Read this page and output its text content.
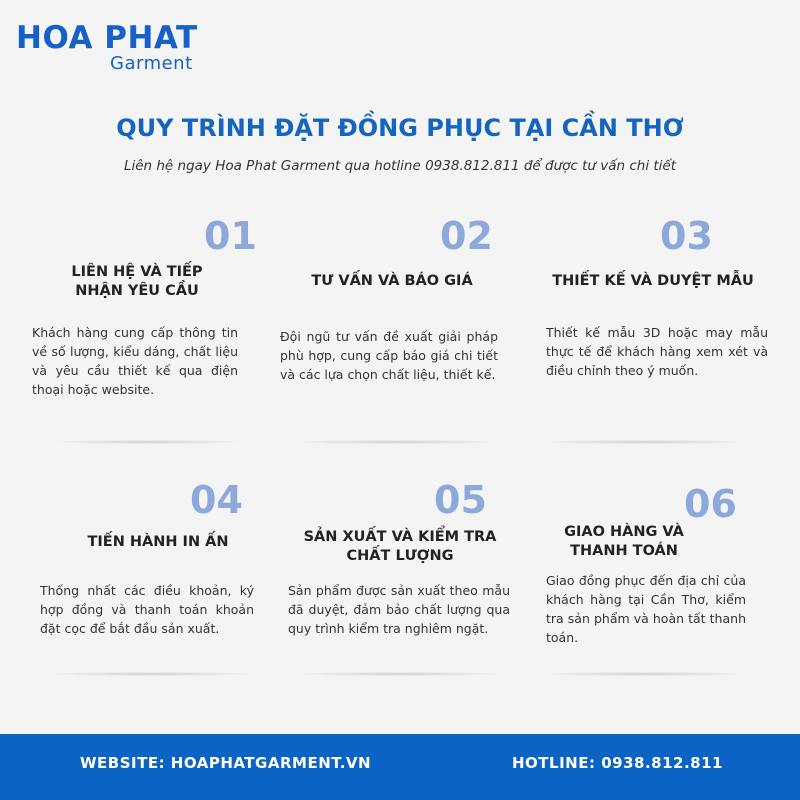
HOA PHAT
Garment
QUY TRÌNH ĐẶT ĐỒNG PHỤC TẠI CẦN THƠ
Liên hệ ngay Hoa Phat Garment qua hotline 0938.812.811 để được tư vấn chi tiết
01
LIÊN HỆ VÀ TIẾP NHẬN YÊU CẦU
Khách hàng cung cấp thông tin về số lượng, kiểu dáng, chất liệu và yêu cầu thiết kế qua điện thoại hoặc website.
02
TƯ VẤN VÀ BÁO GIÁ
Đội ngũ tư vấn đề xuất giải pháp phù hợp, cung cấp báo giá chi tiết và các lựa chọn chất liệu, thiết kế.
03
THIẾT KẾ VÀ DUYỆT MẪU
Thiết kế mẫu 3D hoặc may mẫu thực tế để khách hàng xem xét và điều chỉnh theo ý muốn.
04
TIẾN HÀNH IN ẤN
Thống nhất các điều khoản, ký hợp đồng và thanh toán khoản đặt cọc để bắt đầu sản xuất.
05
SẢN XUẤT VÀ KIỂM TRA CHẤT LƯỢNG
Sản phẩm được sản xuất theo mẫu đã duyệt, đảm bảo chất lượng qua quy trình kiểm tra nghiêm ngặt.
06
GIAO HÀNG VÀ THANH TOÁN
Giao đồng phục đến địa chỉ của khách hàng tại Cần Thơ, kiểm tra sản phẩm và hoàn tất thanh toán.
WEBSITE: HOAPHATGARMENT.VN	HOTLINE: 0938.812.811
